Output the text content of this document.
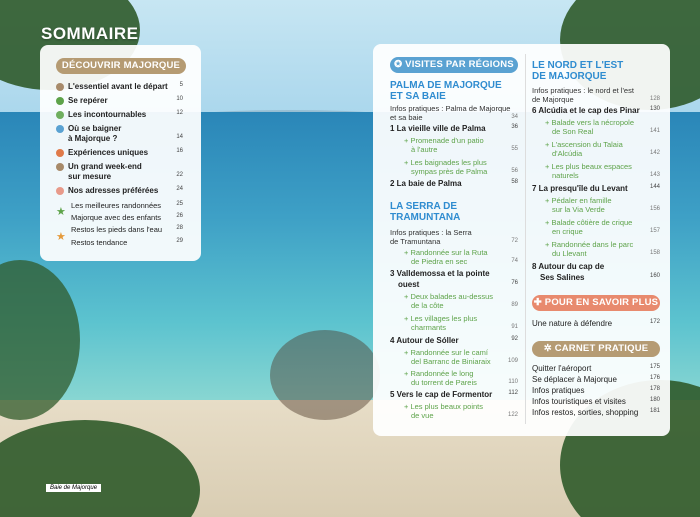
SOMMAIRE
DÉCOUVRIR MAJORQUE
L'essentiel avant le départ	5
Se repérer	10
Les incontournables	12
Où se baigner
à Majorque ?	14
Expériences uniques	16
Un grand week-end
sur mesure	22
Nos adresses préférées	24
★
Les meilleures randonnées	25
Majorque avec des enfants	26
★
Restos les pieds dans l'eau	28
Restos tendance	29
✪ VISITES PAR RÉGIONS
PALMA DE MAJORQUE
ET SA BAIE
Infos pratiques : Palma de Majorque
et sa baie	34
1 La vieille ville de Palma	36
+ Promenade d'un patio
à l'autre	55
+ Les baignades les plus
sympas près de Palma	56
2 La baie de Palma	58
LA SERRA DE
TRAMUNTANA
Infos pratiques : la Serra
de Tramuntana	72
+ Randonnée sur la Ruta
de Piedra en sec	74
3 Valldemossa et la pointe
ouest	76
+ Deux balades au-dessus
de la côte	89
+ Les villages les plus
charmants	91
4 Autour de Sóller	92
+ Randonnée sur le camí
del Barranc de Biniaraix	109
+ Randonnée le long
du torrent de Pareis	110
5 Vers le cap de Formentor	112
+ Les plus beaux points
de vue	122
LE NORD ET L'EST
DE MAJORQUE
Infos pratiques : le nord et l'est
de Majorque	128
6 Alcúdia et le cap des Pinar	130
+ Balade vers la nécropole
de Son Real	141
+ L'ascension du Talaia
d'Alcúdia	142
+ Les plus beaux espaces
naturels	143
7 La presqu'île du Levant	144
+ Pédaler en famille
sur la Via Verde	156
+ Balade côtière de crique
en crique	157
+ Randonnée dans le parc
du Llevant	158
8 Autour du cap de
Ses Salines	160
✚ POUR EN SAVOIR PLUS
Une nature à défendre	172
✲ CARNET PRATIQUE
Quitter l'aéroport	175
Se déplacer à Majorque	176
Infos pratiques	178
Infos touristiques et visites	180
Infos restos, sorties, shopping	181
Baie de Majorque
